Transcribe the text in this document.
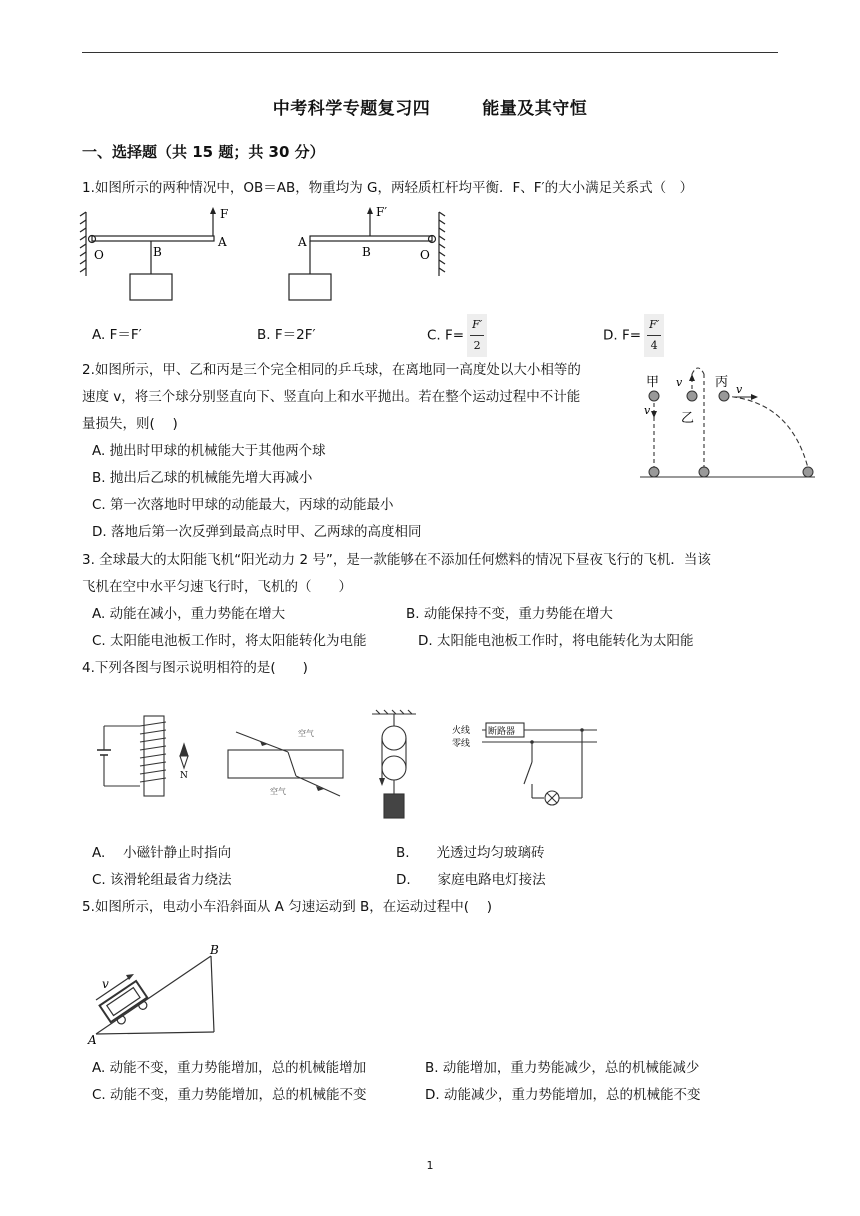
中考科学专题复习四	能量及其守恒
一、选择题（共 15 题；共 30 分）
1.如图所示的两种情况中，OB＝AB，物重均为 G，两轻质杠杆均平衡．F、F′的大小满足关系式（　）
O	B
A
F
A
B	O
F′
A. F＝F′	B. F＝2F′	C. $F= \frac{F'}{2}$	D. $F= \frac{F'}{4}$
2.如图所示，甲、乙和丙是三个完全相同的乒乓球，在离地同一高度处以大小相等的
速度 v，将三个球分别竖直向下、竖直向上和水平抛出。若在整个运动过程中不计能
量损失，则(　 )
甲
v
v
乙
丙 v
A. 抛出时甲球的机械能大于其他两个球
B. 抛出后乙球的机械能先增大再减小
C. 第一次落地时甲球的动能最大，丙球的动能最小
D. 落地后第一次反弹到最高点时甲、乙两球的高度相同
3. 全球最大的太阳能飞机“阳光动力 2 号”，是一款能够在不添加任何燃料的情况下昼夜飞行的飞机．当该
飞机在空中水平匀速飞行时，飞机的（　　）
A. 动能在减小，重力势能在增大	B. 动能保持不变，重力势能在增大
C. 太阳能电池板工作时，将太阳能转化为电能	D. 太阳能电池板工作时，将电能转化为太阳能
4.下列各图与图示说明相符的是(　　)
N
空气
空气
火线
零线
断路器
A.　 小磁针静止时指向	B.　　光透过均匀玻璃砖
C. 该滑轮组最省力绕法	D.　　家庭电路电灯接法
5.如图所示，电动小车沿斜面从 A 匀速运动到 B，在运动过程中(　 )
v
A
B
A. 动能不变，重力势能增加，总的机械能增加	B. 动能增加，重力势能减少，总的机械能减少
C. 动能不变，重力势能增加，总的机械能不变	D. 动能减少，重力势能增加，总的机械能不变
1
